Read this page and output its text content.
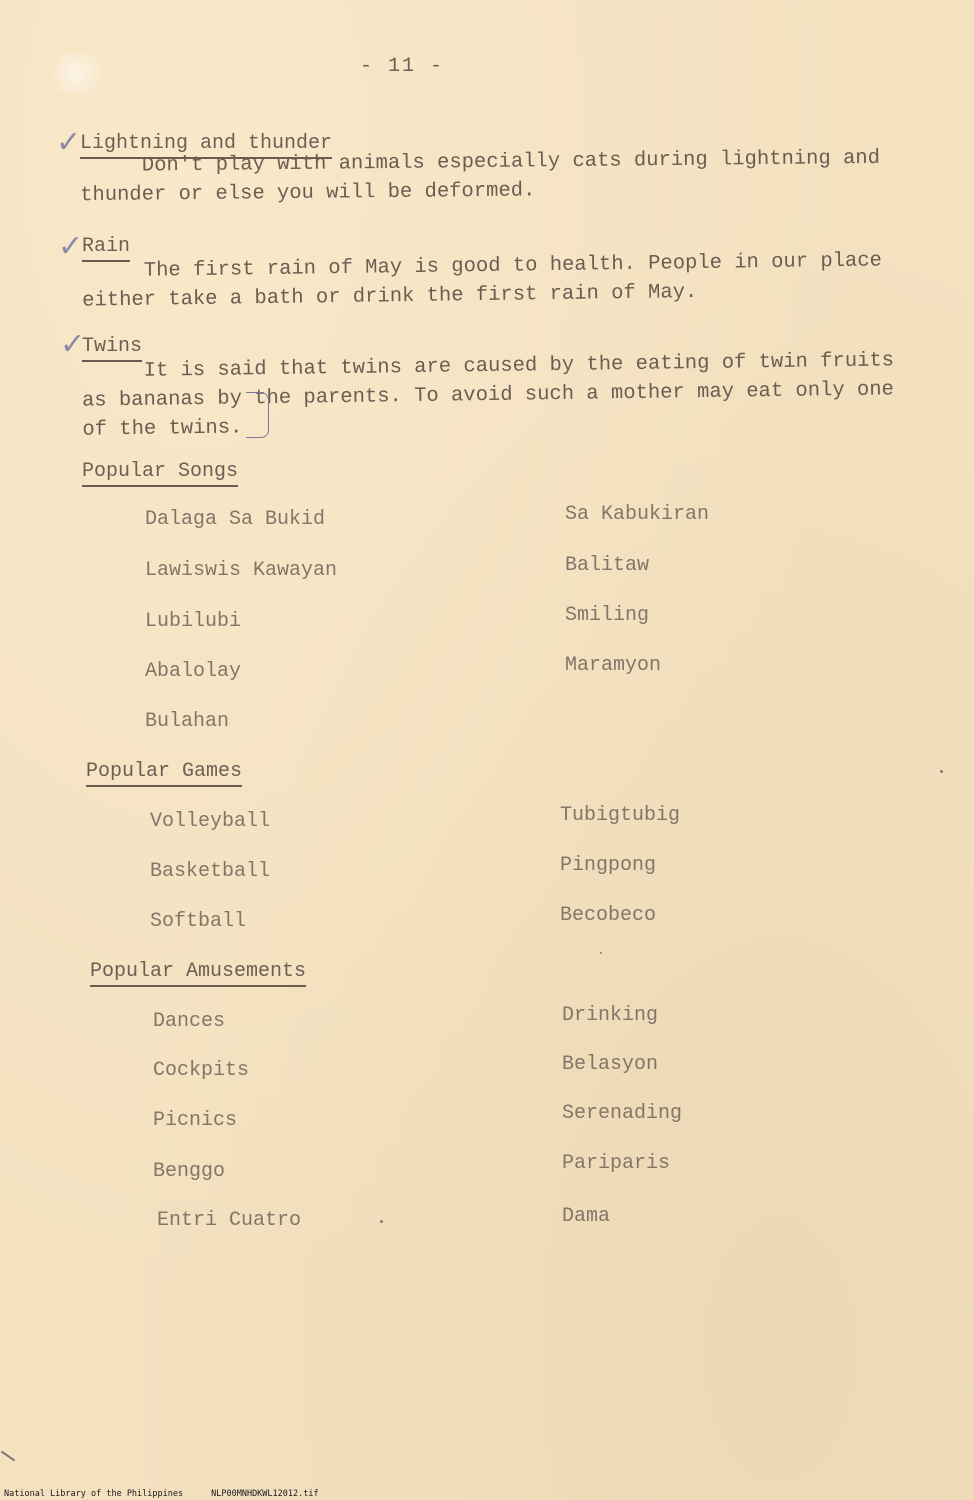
- 11 -
✓
Lightning and thunder
Don't play with animals especially cats during lightning and
thunder or else you will be deformed.
✓
Rain
The first rain of May is good to health. People in our place
either take a bath or drink the first rain of May.
✓
Twins
It is said that twins are caused by the eating of twin fruits
as bananas by the parents. To avoid such a mother may eat only one
of the twins.
Popular Songs
Dalaga Sa Bukid
Lawiswis Kawayan
Lubilubi
Abalolay
Bulahan
Sa Kabukiran
Balitaw
Smiling
Maramyon
Popular Games
Volleyball
Basketball
Softball
Tubigtubig
Pingpong
Becobeco
Popular Amusements
Dances
Cockpits
Picnics
Benggo
Entri Cuatro
Drinking
Belasyon
Serenading
Pariparis
Dama
National Library of the Philippines	NLP00MNHDKWL12012.tif
